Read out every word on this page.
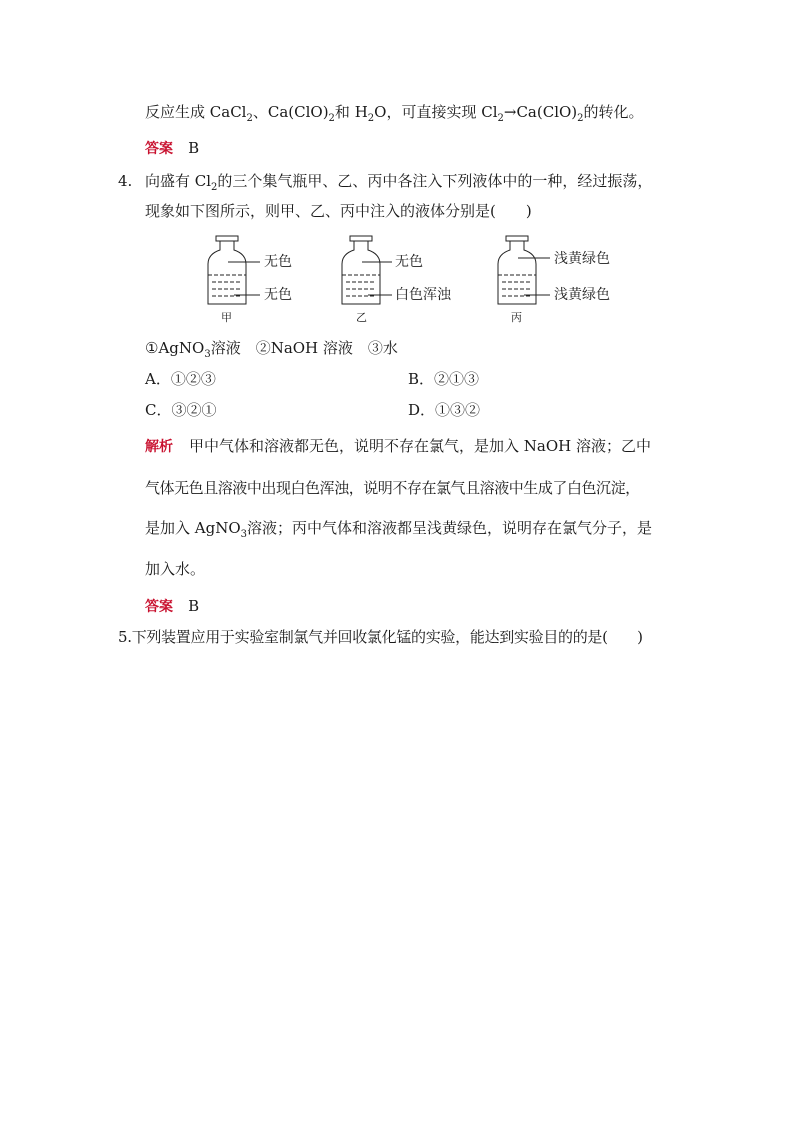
反应生成 CaCl$_2$、$Ca(ClO)_2$和 $H_2O$，可直接实现 $Cl_2\to Ca(ClO)_2$的转化。
答案 B
4. 向盛有 $Cl_2$的三个集气瓶甲、乙、丙中各注入下列液体中的一种，经过振荡，
现象如下图所示，则甲、乙、丙中注入的液体分别是(　　)
无色
无色
甲
无色
白色浑浊
乙
浅黄绿色
浅黄绿色
丙
①AgNO$_3$溶液　②NaOH 溶液　③水
A．①②③	B．②①③
C．③②①	D．①③②
解析 甲中气体和溶液都无色，说明不存在氯气，是加入 NaOH 溶液；乙中
气体无色且溶液中出现白色浑浊，说明不存在氯气且溶液中生成了白色沉淀，
是加入 AgNO$_3$溶液；丙中气体和溶液都呈浅黄绿色，说明存在氯气分子，是
加入水。
答案 B
5.下列装置应用于实验室制氯气并回收氯化锰的实验，能达到实验目的的是(　　)
